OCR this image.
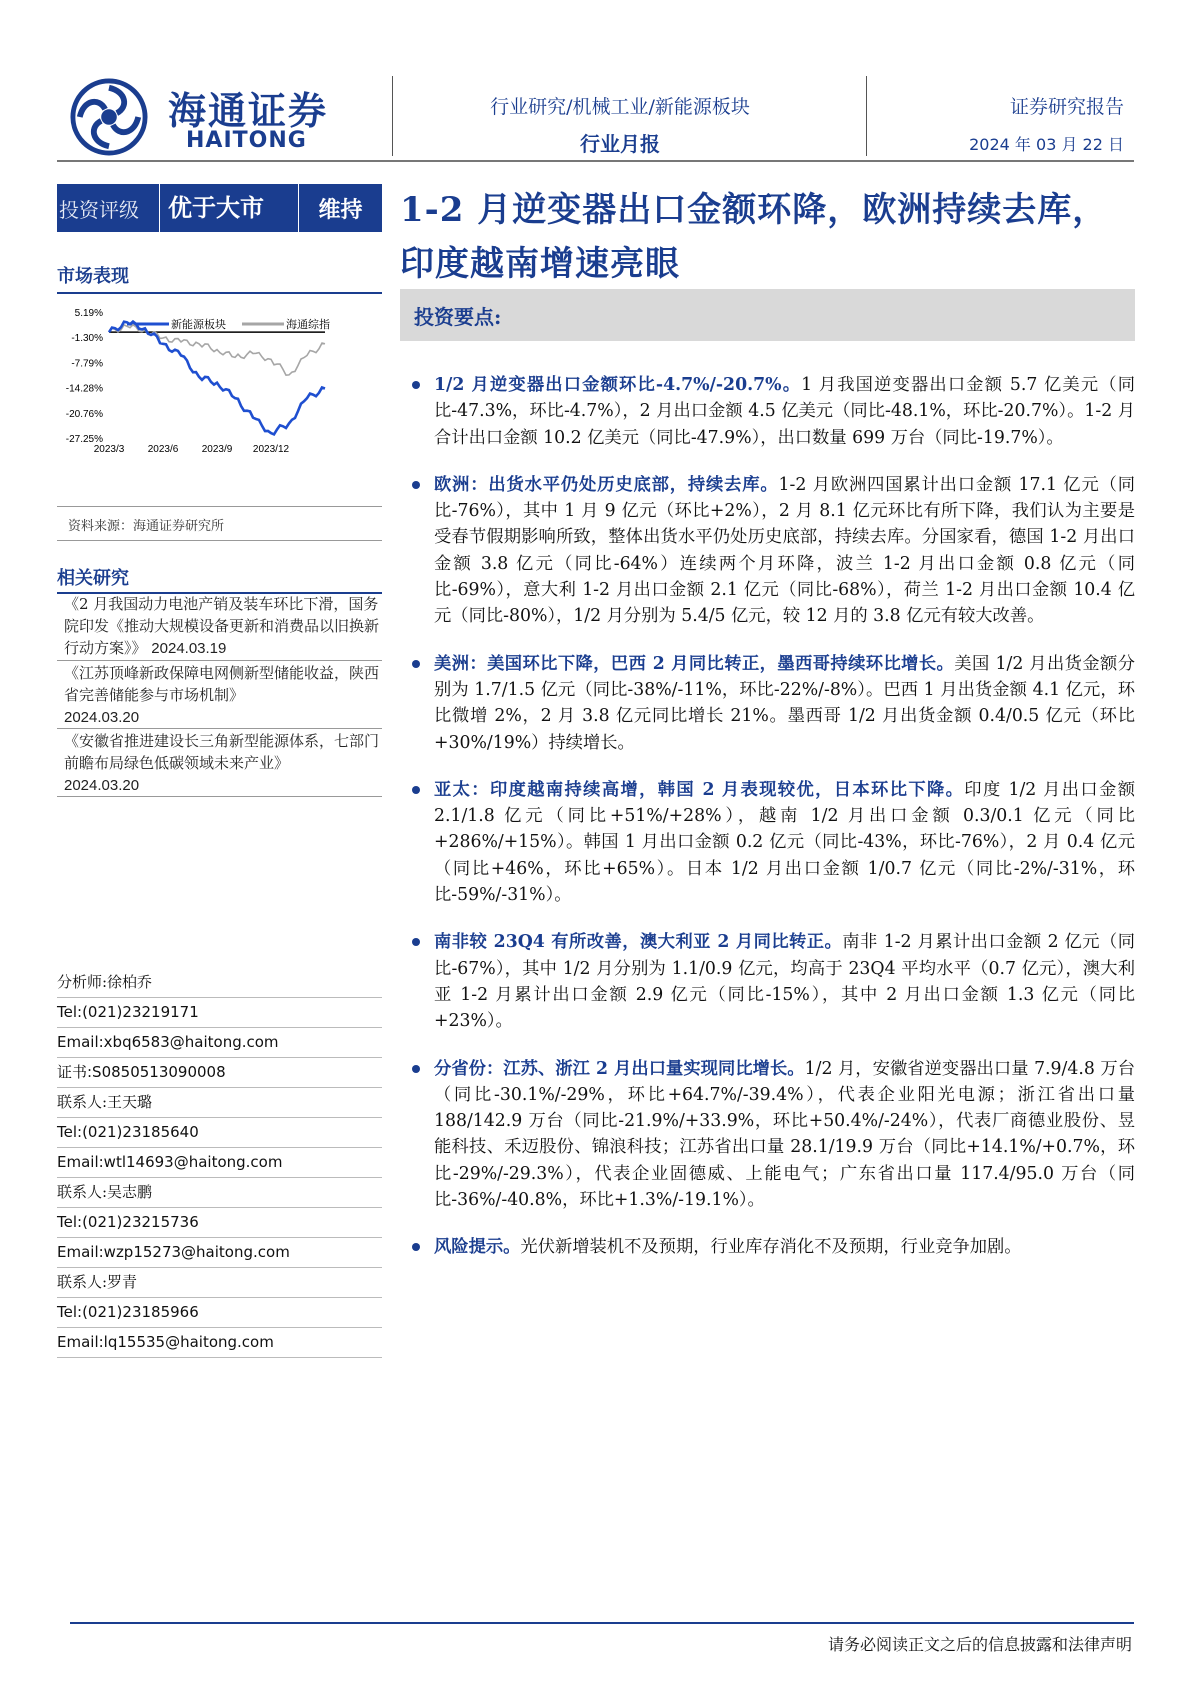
海通证券
HAITONG
行业研究/机械工业/新能源板块
行业月报
证券研究报告
2024 年 03 月 22 日
投资评级	优于大市	维持
市场表现
新能源板块	海通综指
5.19%
-1.30%
-7.79%
-14.28%
-20.76%
-27.25%
2023/3 2023/6 2023/9 2023/12
资料来源：海通证券研究所
相关研究
《2 月我国动力电池产销及装车环比下滑，国务院印发《推动大规模设备更新和消费品以旧换新行动方案》》 2024.03.19
《江苏顶峰新政保障电网侧新型储能收益，陕西省完善储能参与市场机制》
2024.03.20
《安徽省推进建设长三角新型能源体系，七部门前瞻布局绿色低碳领域未来产业》
2024.03.20
分析师:徐柏乔
Tel:(021)23219171
Email:xbq6583@haitong.com
证书:S0850513090008
联系人:王天璐
Tel:(021)23185640
Email:wtl14693@haitong.com
联系人:吴志鹏
Tel:(021)23215736
Email:wzp15273@haitong.com
联系人:罗青
Tel:(021)23185966
Email:lq15535@haitong.com
1-2 月逆变器出口金额环降，欧洲持续去库，印度越南增速亮眼
投资要点:
1/2 月逆变器出口金额环比-4.7%/-20.7%。1 月我国逆变器出口金额 5.7 亿美元（同比-47.3%，环比-4.7%），2 月出口金额 4.5 亿美元（同比-48.1%，环比-20.7%）。1-2 月合计出口金额 10.2 亿美元（同比-47.9%），出口数量 699 万台（同比-19.7%）。
欧洲：出货水平仍处历史底部，持续去库。1-2 月欧洲四国累计出口金额 17.1 亿元（同比-76%），其中 1 月 9 亿元（环比+2%），2 月 8.1 亿元环比有所下降，我们认为主要是受春节假期影响所致，整体出货水平仍处历史底部，持续去库。分国家看，德国 1-2 月出口金额 3.8 亿元（同比-64%）连续两个月环降，波兰 1-2 月出口金额 0.8 亿元（同比-69%），意大利 1-2 月出口金额 2.1 亿元（同比-68%），荷兰 1-2 月出口金额 10.4 亿元（同比-80%），1/2 月分别为 5.4/5 亿元，较 12 月的 3.8 亿元有较大改善。
美洲：美国环比下降，巴西 2 月同比转正，墨西哥持续环比增长。美国 1/2 月出货金额分别为 1.7/1.5 亿元（同比-38%/-11%，环比-22%/-8%）。巴西 1 月出货金额 4.1 亿元，环比微增 2%，2 月 3.8 亿元同比增长 21%。墨西哥 1/2 月出货金额 0.4/0.5 亿元（环比+30%/19%）持续增长。
亚太：印度越南持续高增，韩国 2 月表现较优，日本环比下降。印度 1/2 月出口金额 2.1/1.8 亿元（同比+51%/+28%），越南 1/2 月出口金额 0.3/0.1 亿元（同比+286%/+15%）。韩国 1 月出口金额 0.2 亿元（同比-43%，环比-76%），2 月 0.4 亿元（同比+46%，环比+65%）。日本 1/2 月出口金额 1/0.7 亿元（同比-2%/-31%，环比-59%/-31%）。
南非较 23Q4 有所改善，澳大利亚 2 月同比转正。南非 1-2 月累计出口金额 2 亿元（同比-67%），其中 1/2 月分别为 1.1/0.9 亿元，均高于 23Q4 平均水平（0.7 亿元），澳大利亚 1-2 月累计出口金额 2.9 亿元（同比-15%），其中 2 月出口金额 1.3 亿元（同比+23%）。
分省份：江苏、浙江 2 月出口量实现同比增长。1/2 月，安徽省逆变器出口量 7.9/4.8 万台（同比-30.1%/-29%，环比+64.7%/-39.4%），代表企业阳光电源；浙江省出口量 188/142.9 万台（同比-21.9%/+33.9%，环比+50.4%/-24%），代表厂商德业股份、昱能科技、禾迈股份、锦浪科技；江苏省出口量 28.1/19.9 万台（同比+14.1%/+0.7%，环比-29%/-29.3%），代表企业固德威、上能电气；广东省出口量 117.4/95.0 万台（同比-36%/-40.8%，环比+1.3%/-19.1%）。
风险提示。光伏新增装机不及预期，行业库存消化不及预期，行业竞争加剧。
请务必阅读正文之后的信息披露和法律声明
